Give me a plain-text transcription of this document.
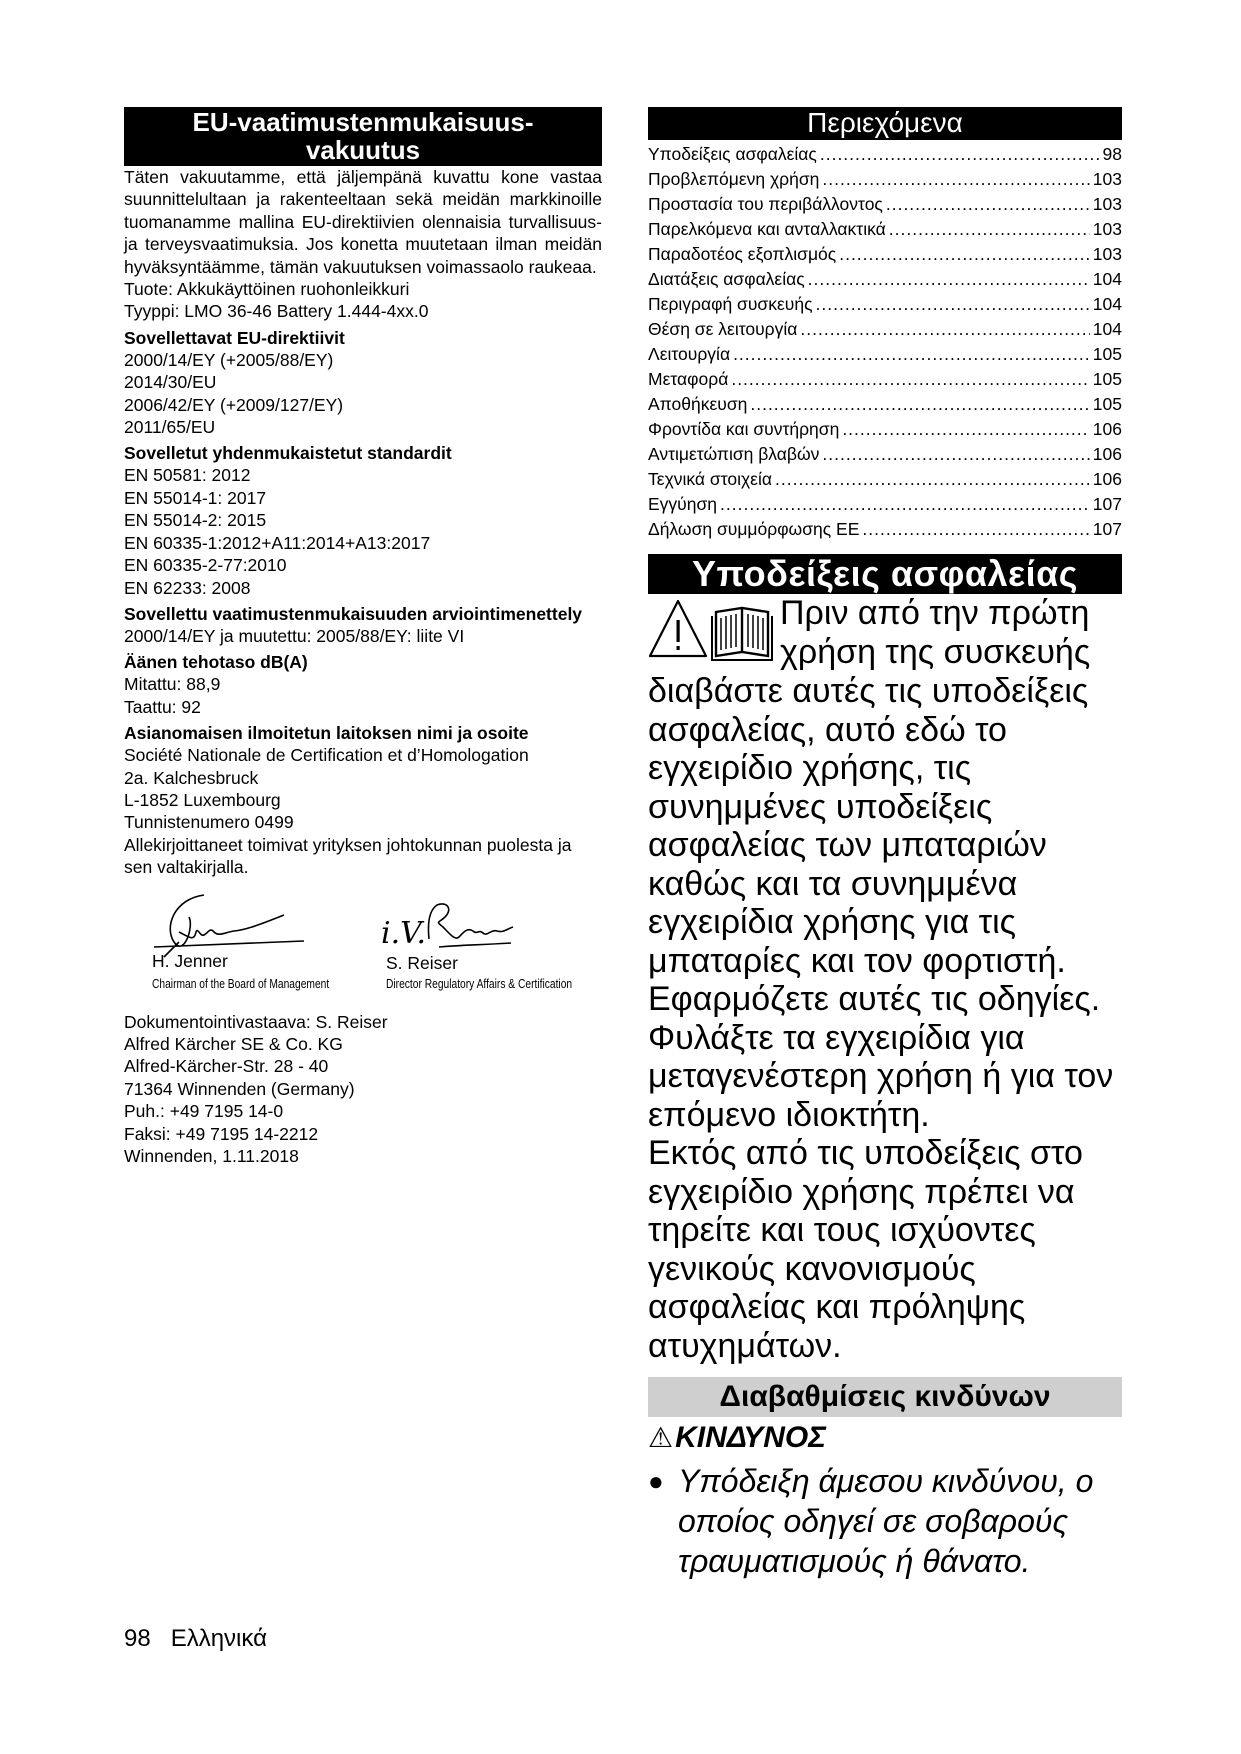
EU-vaatimustenmukaisuus-
vakuutus

Täten vakuutamme, että jäljempänä kuvattu kone vastaa suunnittelultaan ja rakenteeltaan sekä meidän markkinoille tuomanamme mallina EU-direktiivien olennaisia turvallisuus- ja terveysvaatimuksia. Jos konetta muutetaan ilman meidän hyväksyntäämme, tämän vakuutuksen voimassaolo raukeaa.

Tuote: Akkukäyttöinen ruohonleikkuri
Tyyppi: LMO 36-46 Battery 1.444-4xx.0
Sovellettavat EU-direktiivit
2000/14/EY (+2005/88/EY)
2014/30/EU
2006/42/EY (+2009/127/EY)
2011/65/EU
Sovelletut yhdenmukaistetut standardit
EN 50581: 2012
EN 55014-1: 2017
EN 55014-2: 2015
EN 60335-1:2012+A11:2014+A13:2017
EN 60335-2-77:2010
EN 62233: 2008
Sovellettu vaatimustenmukaisuuden arviointimenettely
2000/14/EY ja muutettu: 2005/88/EY: liite VI
Äänen tehotaso dB(A)
Mitattu: 88,9
Taattu: 92
Asianomaisen ilmoitetun laitoksen nimi ja osoite
Société Nationale de Certification et d’Homologation
2a. Kalchesbruck
L-1852 Luxembourg
Tunnistenumero 0499

Allekirjoittaneet toimivat yrityksen johtokunnan puolesta ja sen valtakirjalla.

H. Jenner
Chairman of the Board of Management
i.V.
S. Reiser
Director Regulatory Affairs & Certification
Dokumentointivastaava: S. Reiser
Alfred Kärcher SE & Co. KG
Alfred-Kärcher-Str. 28 - 40
71364 Winnenden (Germany)
Puh.: +49 7195 14-0
Faksi: +49 7195 14-2212
Winnenden, 1.11.2018
Περιεχόμενα
Υποδείξεις ασφαλείας .....	98
Προβλεπόμενη χρήση .....	103
Προστασία του περιβάλλοντος .....	103
Παρελκόμενα και ανταλλακτικά .....	103
Παραδοτέος εξοπλισμός .....	103
Διατάξεις ασφαλείας .....	104
Περιγραφή συσκευής .....	104
Θέση σε λειτουργία .....	104
Λειτουργία .....	105
Μεταφορά .....	105
Αποθήκευση .....	105
Φροντίδα και συντήρηση .....	106
Αντιμετώπιση βλαβών .....	106
Τεχνικά στοιχεία .....	106
Εγγύηση .....	107
Δήλωση συμμόρφωσης ΕΕ .....	107
Υποδείξεις ασφαλείας
Πριν από την πρώτη
χρήση της συσκευής
διαβάστε αυτές τις υποδείξεις
ασφαλείας, αυτό εδώ το
εγχειρίδιο χρήσης, τις
συνημμένες υποδείξεις
ασφαλείας των μπαταριών
καθώς και τα συνημμένα
εγχειρίδια χρήσης για τις
μπαταρίες και τον φορτιστή.
Εφαρμόζετε αυτές τις οδηγίες.
Φυλάξτε τα εγχειρίδια για
μεταγενέστερη χρήση ή για τον
επόμενο ιδιοκτήτη.
Εκτός από τις υποδείξεις στο
εγχειρίδιο χρήσης πρέπει να
τηρείτε και τους ισχύοντες
γενικούς κανονισμούς
ασφαλείας και πρόληψης
ατυχημάτων.
Διαβαθμίσεις κινδύνων
⚠ ΚΙΝΔΥΝΟΣ
● Υπόδειξη άμεσου κινδύνου, ο
οποίος οδηγεί σε σοβαρούς
τραυματισμούς ή θάνατο.
98 Ελληνικά
